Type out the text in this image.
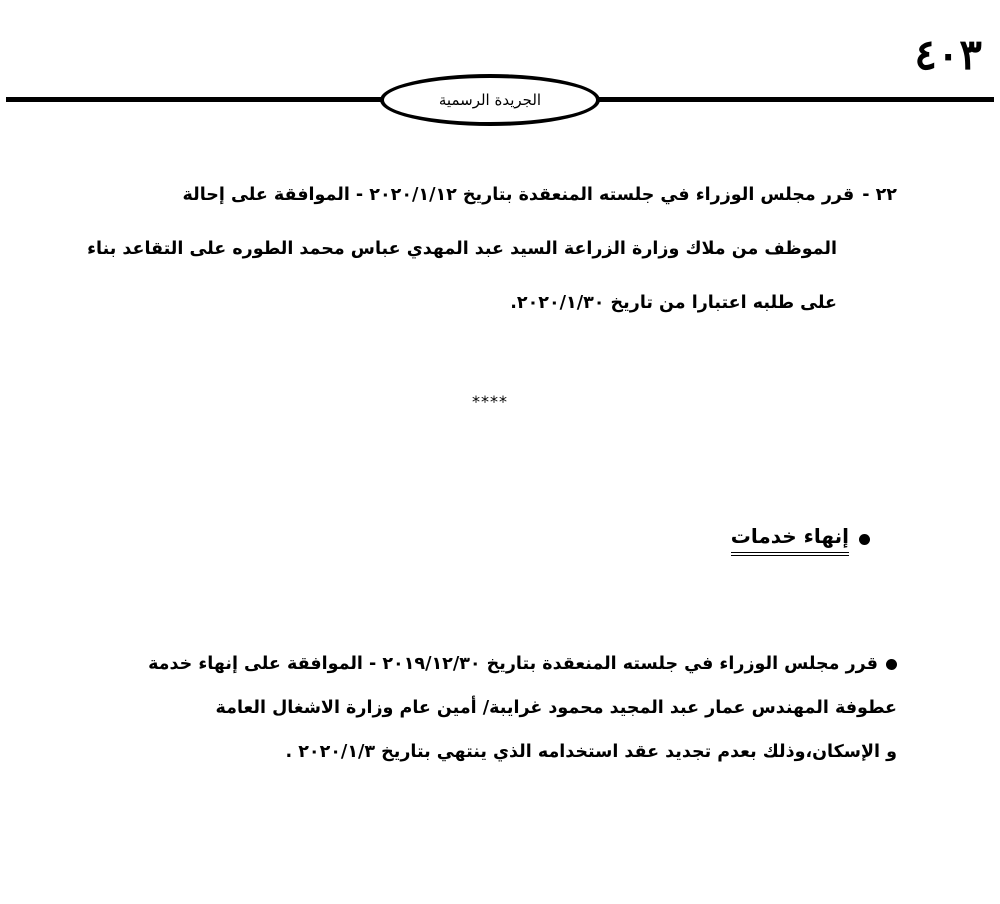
٤٠٣
الجريدة الرسمية
٢٢ -قرر مجلس الوزراء في جلسته المنعقدة بتاريخ ٢٠٢٠/١/١٢ - الموافقة على إحالة
الموظف من ملاك وزارة الزراعة السيد عبد المهدي عباس محمد الطوره على التقاعد بناء
على طلبه اعتبارا من تاريخ ٢٠٢٠/١/٣٠.
****
إنهاء خدمات
قرر مجلس الوزراء في جلسته المنعقدة بتاريخ ٢٠١٩/١٢/٣٠ - الموافقة على إنهاء خدمة
عطوفة المهندس عمار عبد المجيد محمود غرايبة/ أمين عام وزارة الاشغال العامة
و الإسكان،وذلك بعدم تجديد عقد استخدامه الذي ينتهي بتاريخ ٢٠٢٠/١/٣ .
